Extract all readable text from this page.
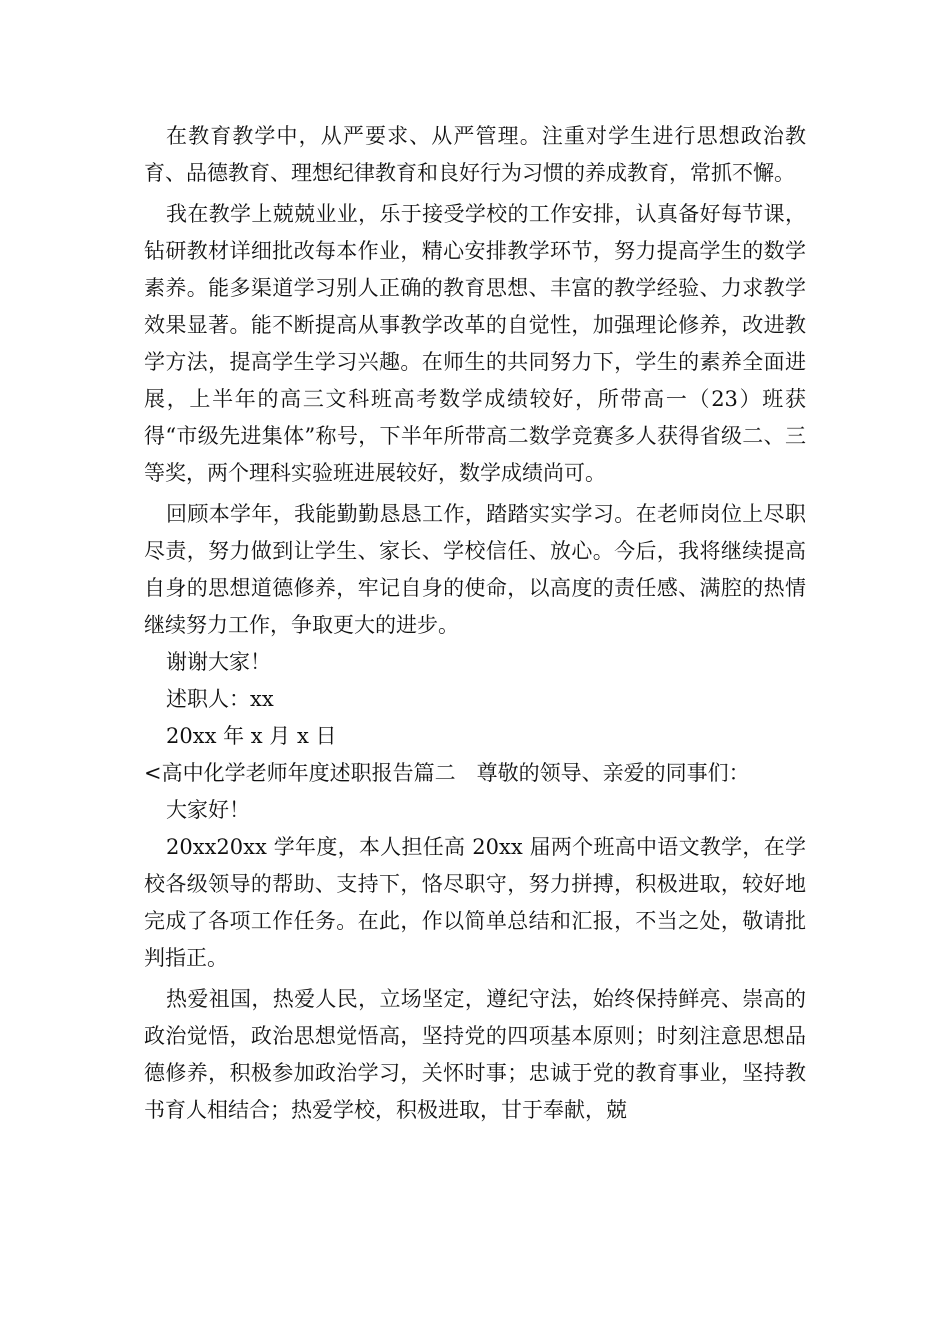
在教育教学中，从严要求、从严管理。注重对学生进行思想政治教育、品德教育、理想纪律教育和良好行为习惯的养成教育，常抓不懈。

我在教学上兢兢业业，乐于接受学校的工作安排，认真备好每节课，钻研教材详细批改每本作业，精心安排教学环节，努力提高学生的数学素养。能多渠道学习别人正确的教育思想、丰富的教学经验、力求教学效果显著。能不断提高从事教学改革的自觉性，加强理论修养，改进教学方法，提高学生学习兴趣。在师生的共同努力下，学生的素养全面进展，上半年的高三文科班高考数学成绩较好，所带高一（23）班获得“市级先进集体”称号，下半年所带高二数学竞赛多人获得省级二、三等奖，两个理科实验班进展较好，数学成绩尚可。

回顾本学年，我能勤勤恳恳工作，踏踏实实学习。在老师岗位上尽职尽责，努力做到让学生、家长、学校信任、放心。今后，我将继续提高自身的思想道德修养，牢记自身的使命，以高度的责任感、满腔的热情继续努力工作，争取更大的进步。

谢谢大家！

述职人：xx

20xx 年 x 月 x 日

<高中化学老师年度述职报告篇二　尊敬的领导、亲爱的同事们：

大家好！

20xx20xx 学年度，本人担任高 20xx 届两个班高中语文教学，在学校各级领导的帮助、支持下，恪尽职守，努力拼搏，积极进取，较好地完成了各项工作任务。在此，作以简单总结和汇报，不当之处，敬请批判指正。

热爱祖国，热爱人民，立场坚定，遵纪守法，始终保持鲜亮、崇高的政治觉悟，政治思想觉悟高，坚持党的四项基本原则；时刻注意思想品德修养，积极参加政治学习，关怀时事；忠诚于党的教育事业，坚持教书育人相结合；热爱学校，积极进取，甘于奉献，兢
